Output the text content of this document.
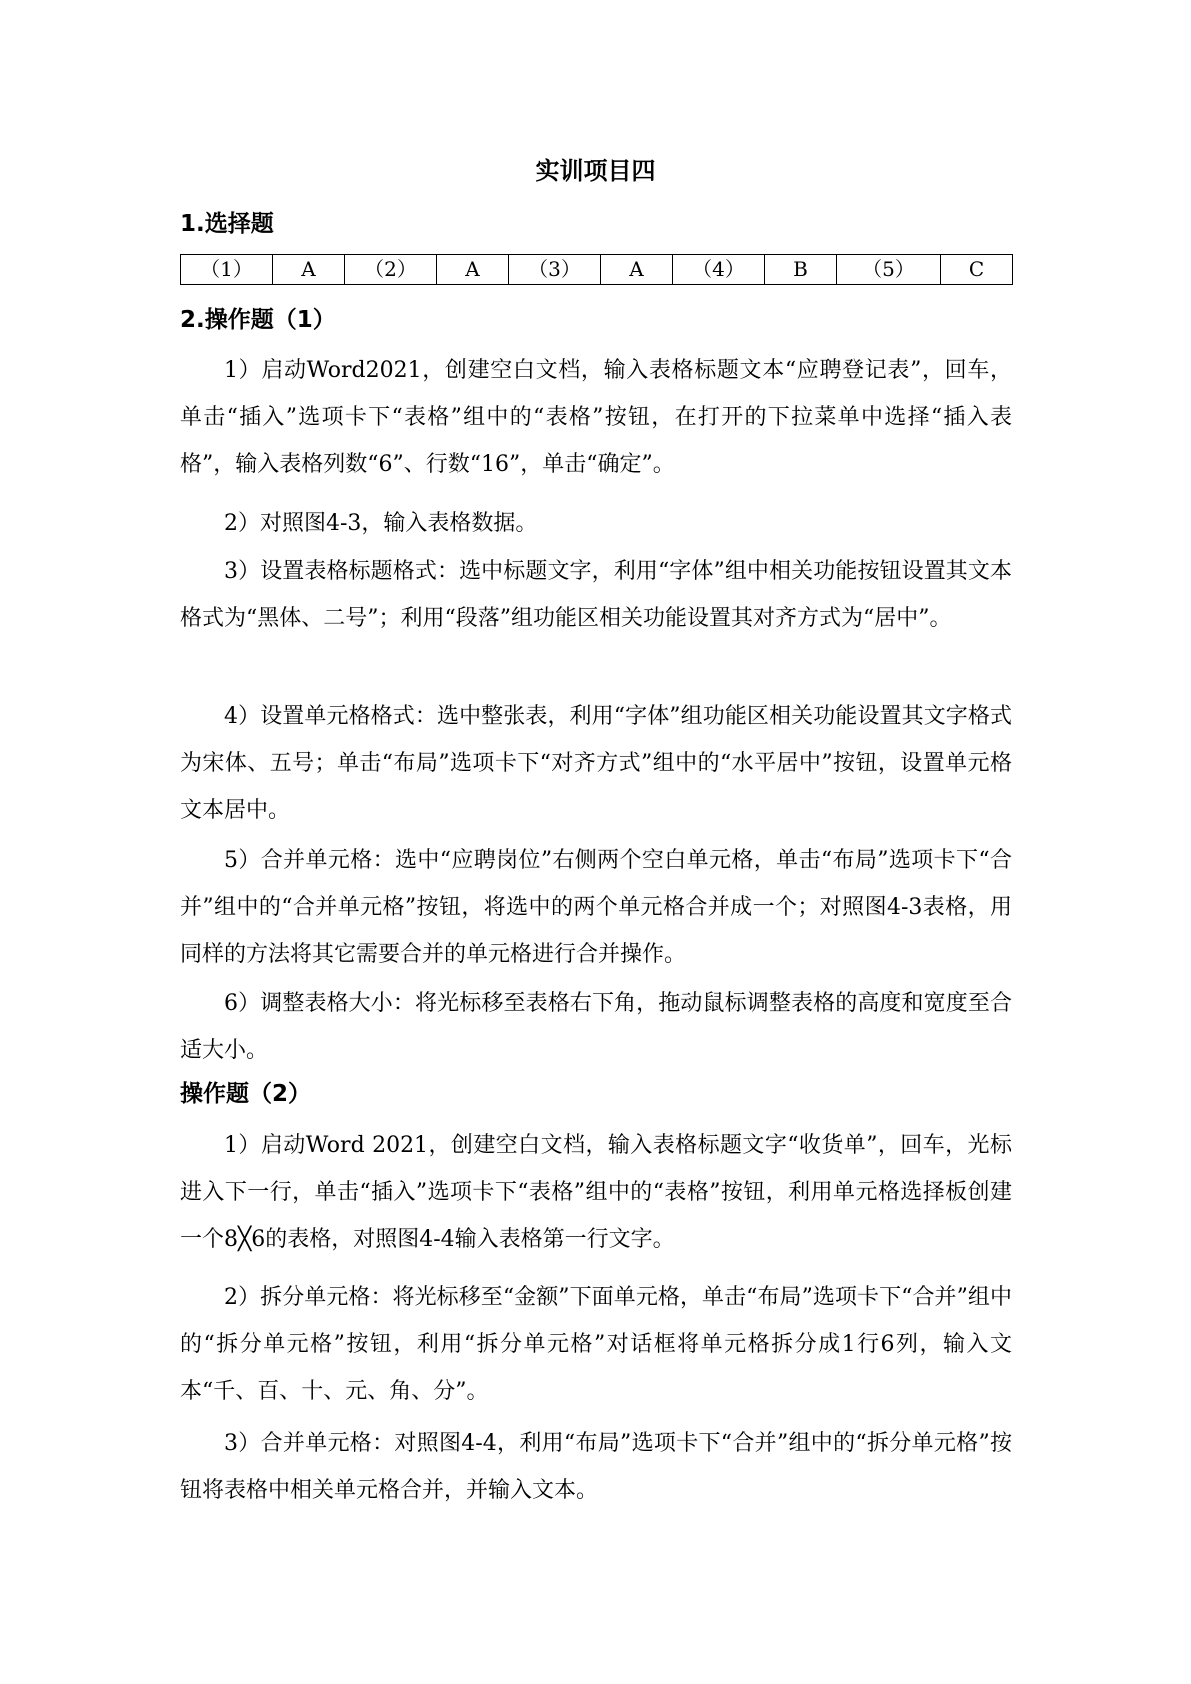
实训项目四
1.选择题
（1）	A	（2）	A	（3）	A	（4）	B	（5）	C
2.操作题（1）

1）启动Word2021，创建空白文档，输入表格标题文本“应聘登记表”，回车，单击“插入”选项卡下“表格”组中的“表格”按钮，在打开的下拉菜单中选择“插入表格”，输入表格列数“6”、行数“16”，单击“确定”。

2）对照图4-3，输入表格数据。

3）设置表格标题格式：选中标题文字，利用“字体”组中相关功能按钮设置其文本格式为“黑体、二号”；利用“段落”组功能区相关功能设置其对齐方式为“居中”。

4）设置单元格格式：选中整张表，利用“字体”组功能区相关功能设置其文字格式为宋体、五号；单击“布局”选项卡下“对齐方式”组中的“水平居中”按钮，设置单元格文本居中。

5）合并单元格：选中“应聘岗位”右侧两个空白单元格，单击“布局”选项卡下“合并”组中的“合并单元格”按钮，将选中的两个单元格合并成一个；对照图4-3表格，用同样的方法将其它需要合并的单元格进行合并操作。

6）调整表格大小：将光标移至表格右下角，拖动鼠标调整表格的高度和宽度至合适大小。

操作题（2）

1）启动Word 2021，创建空白文档，输入表格标题文字“收货单”，回车，光标进入下一行，单击“插入”选项卡下“表格”组中的“表格”按钮，利用单元格选择板创建一个8╳6的表格，对照图4-4输入表格第一行文字。

2）拆分单元格：将光标移至“金额”下面单元格，单击“布局”选项卡下“合并”组中的“拆分单元格”按钮，利用“拆分单元格”对话框将单元格拆分成1行6列，输入文本“千、百、十、元、角、分”。

3）合并单元格：对照图4-4，利用“布局”选项卡下“合并”组中的“拆分单元格”按钮将表格中相关单元格合并，并输入文本。
